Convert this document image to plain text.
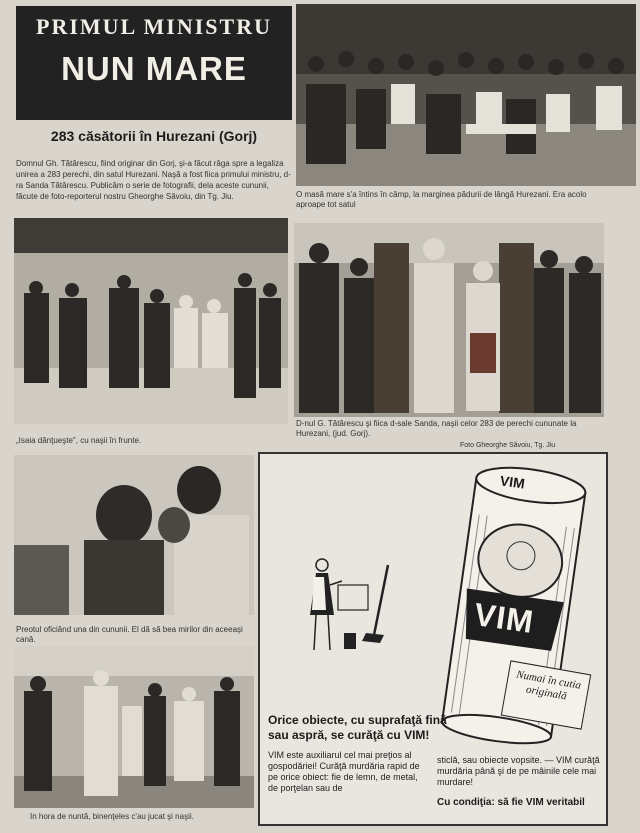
PRIMUL MINISTRU
NUN MARE
283 căsătorii în Hurezani (Gorj)
Domnul Gh. Tătărescu, fiind originar din Gorj, şi-a făcut râga spre a legaliza unirea a 283 perechi, din satul Hurezani. Naşă a fost fiica primului ministru, d-ra Sanda Tătărescu. Publicăm o serie de fotografii, dela aceste cununii, făcute de foto-reporterul nostru Gheorghe Săvoiu, din Tg. Jiu.	O masă mare s'a întins în câmp, la marginea pădurii de lângă Hurezani. Era acolo aproape tot satul
„Isaia dănţueşte", cu naşii în frunte.
D-nul G. Tătărescu şi fiica d-sale Sanda, naşii celor 283 de perechi cununate la Hurezani, (jud. Gorj).
Foto Gheorghe Săvoiu, Tg. Jiu
Preotul oficiând una din cununii. El dă să bea mirilor din aceeaşi cană.
In hora de nuntă, binenţeles c'au jucat şi naşii.
VIM
VIM
Numai în cutia originală
Orice obiecte, cu suprafaţă fină sau aspră, se curăţă cu VIM!
VIM este auxiliarul cel mai preţios al gospodăriei! Curăţă murdăria rapid de pe orice obiect: fie de lemn, de metal, de porţelan sau de
sticlă, sau obiecte vopsite. — VIM curăţă murdăria până şi de pe mâinile cele mai murdare!
Cu condiţia: să fie VIM veritabil
